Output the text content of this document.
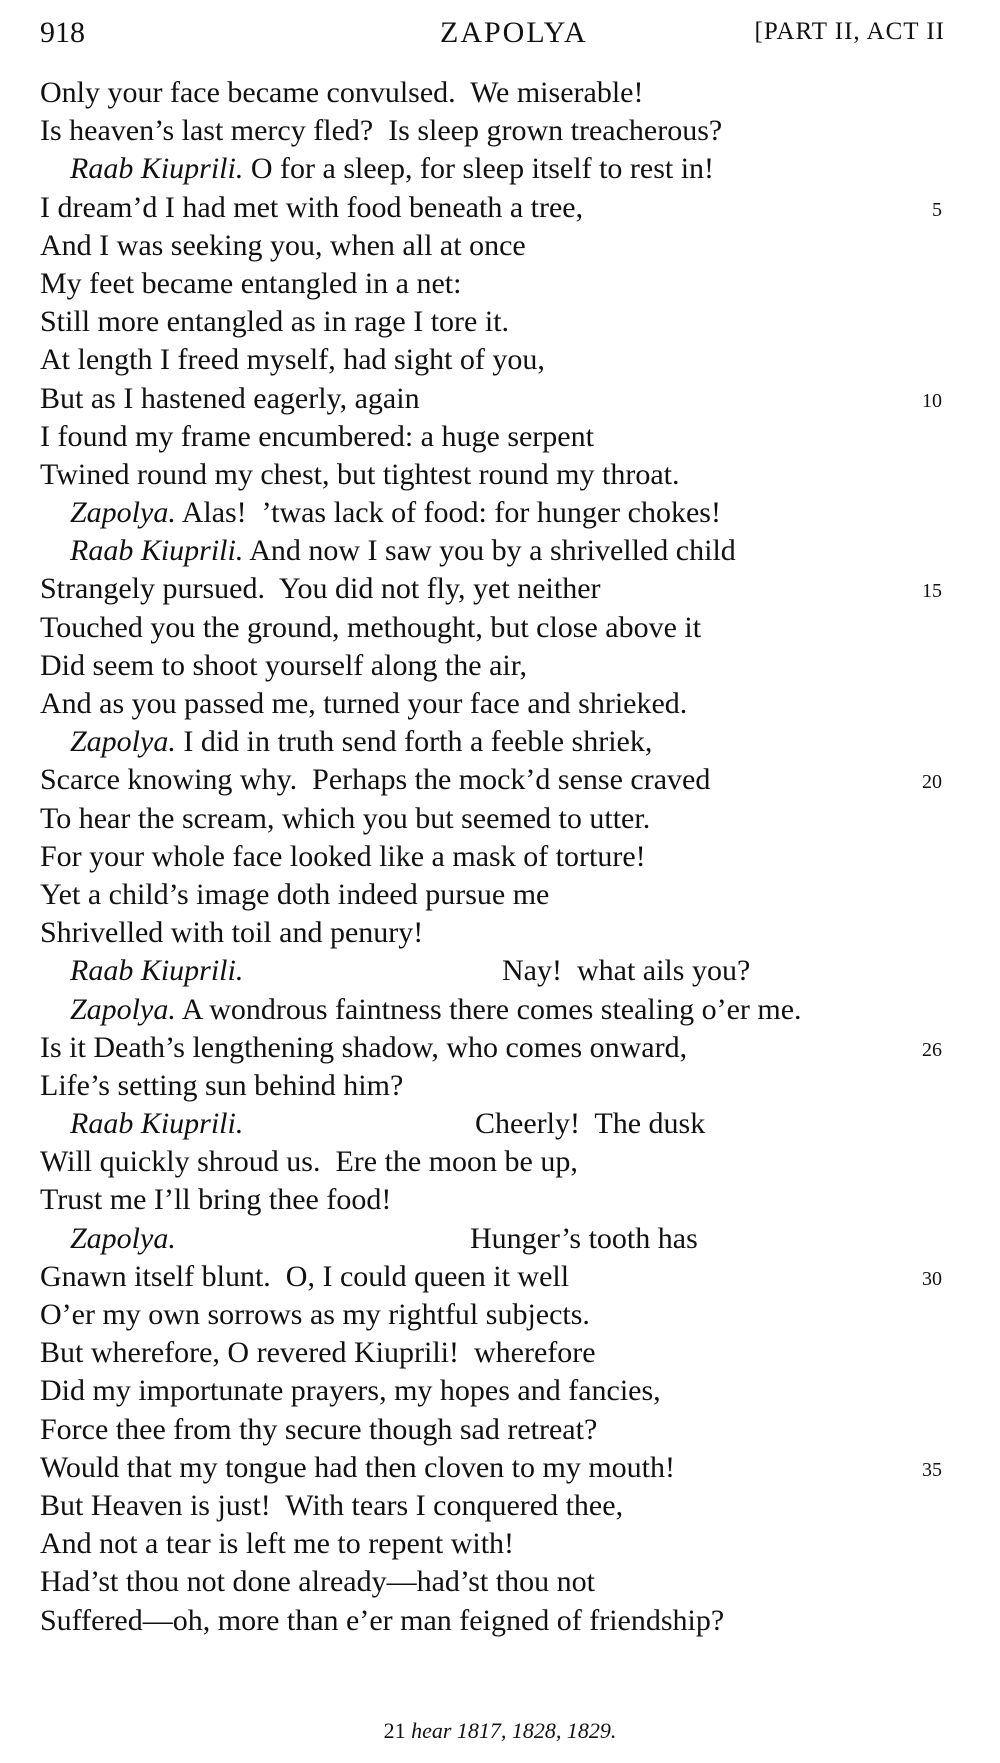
918	ZAPOLYA	[PART II, ACT II
Only your face became convulsed.  We miserable!
Is heaven’s last mercy fled?  Is sleep grown treacherous?
Raab Kiuprili. O for a sleep, for sleep itself to rest in!
I dream’d I had met with food beneath a tree,	5
And I was seeking you, when all at once
My feet became entangled in a net:
Still more entangled as in rage I tore it.
At length I freed myself, had sight of you,
But as I hastened eagerly, again	10
I found my frame encumbered: a huge serpent
Twined round my chest, but tightest round my throat.
Zapolya. Alas!  ’twas lack of food: for hunger chokes!
Raab Kiuprili. And now I saw you by a shrivelled child
Strangely pursued.  You did not fly, yet neither	15
Touched you the ground, methought, but close above it
Did seem to shoot yourself along the air,
And as you passed me, turned your face and shrieked.
Zapolya. I did in truth send forth a feeble shriek,
Scarce knowing why.  Perhaps the mock’d sense craved	20
To hear the scream, which you but seemed to utter.
For your whole face looked like a mask of torture!
Yet a child’s image doth indeed pursue me
Shrivelled with toil and penury!
Raab Kiuprili.	Nay!  what ails you?
Zapolya. A wondrous faintness there comes stealing o’er me.
Is it Death’s lengthening shadow, who comes onward,	26
Life’s setting sun behind him?
Raab Kiuprili.	Cheerly!  The dusk
Will quickly shroud us.  Ere the moon be up,
Trust me I’ll bring thee food!
Zapolya.	Hunger’s tooth has
Gnawn itself blunt.  O, I could queen it well	30
O’er my own sorrows as my rightful subjects.
But wherefore, O revered Kiuprili!  wherefore
Did my importunate prayers, my hopes and fancies,
Force thee from thy secure though sad retreat?
Would that my tongue had then cloven to my mouth!	35
But Heaven is just!  With tears I conquered thee,
And not a tear is left me to repent with!
Had’st thou not done already—had’st thou not
Suffered—oh, more than e’er man feigned of friendship?
21 hear 1817, 1828, 1829.
